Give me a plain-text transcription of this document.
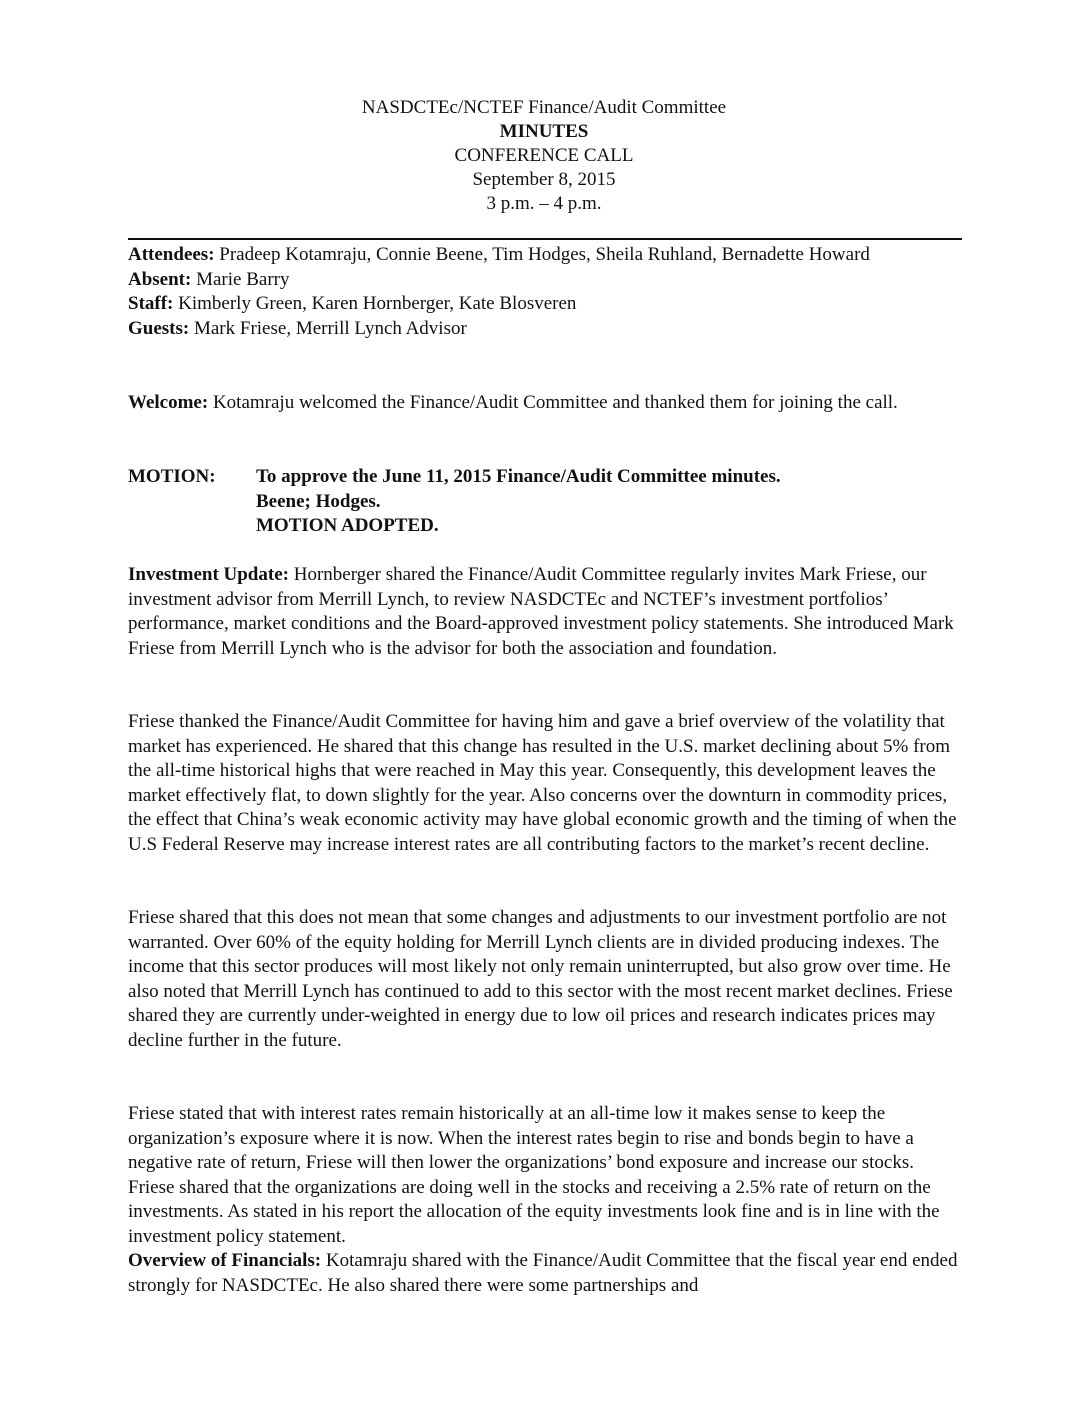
NASDCTEc/NCTEF Finance/Audit Committee
MINUTES
CONFERENCE CALL
September 8, 2015
3 p.m. – 4 p.m.

Attendees: Pradeep Kotamraju, Connie Beene, Tim Hodges, Sheila Ruhland, Bernadette Howard

Absent: Marie Barry

Staff: Kimberly Green, Karen Hornberger, Kate Blosveren

Guests: Mark Friese, Merrill Lynch Advisor

Welcome: Kotamraju welcomed the Finance/Audit Committee and thanked them for joining the call.

MOTION:	To approve the June 11, 2015 Finance/Audit Committee minutes.
Beene; Hodges.
MOTION ADOPTED.

Investment Update: Hornberger shared the Finance/Audit Committee regularly invites Mark Friese, our investment advisor from Merrill Lynch, to review NASDCTEc and NCTEF’s investment portfolios’ performance, market conditions and the Board-approved investment policy statements. She introduced Mark Friese from Merrill Lynch who is the advisor for both the association and foundation.

Friese thanked the Finance/Audit Committee for having him and gave a brief overview of the volatility that market has experienced. He shared that this change has resulted in the U.S. market declining about 5% from the all-time historical highs that were reached in May this year. Consequently, this development leaves the market effectively flat, to down slightly for the year. Also concerns over the downturn in commodity prices, the effect that China’s weak economic activity may have global economic growth and the timing of when the U.S Federal Reserve may increase interest rates are all contributing factors to the market’s recent decline.

Friese shared that this does not mean that some changes and adjustments to our investment portfolio are not warranted. Over 60% of the equity holding for Merrill Lynch clients are in divided producing indexes. The income that this sector produces will most likely not only remain uninterrupted, but also grow over time. He also noted that Merrill Lynch has continued to add to this sector with the most recent market declines. Friese shared they are currently under-weighted in energy due to low oil prices and research indicates prices may decline further in the future.

Friese stated that with interest rates remain historically at an all-time low it makes sense to keep the organization’s exposure where it is now. When the interest rates begin to rise and bonds begin to have a negative rate of return, Friese will then lower the organizations’ bond exposure and increase our stocks. Friese shared that the organizations are doing well in the stocks and receiving a 2.5% rate of return on the investments. As stated in his report the allocation of the equity investments look fine and is in line with the investment policy statement.

Overview of Financials: Kotamraju shared with the Finance/Audit Committee that the fiscal year end ended strongly for NASDCTEc. He also shared there were some partnerships and
